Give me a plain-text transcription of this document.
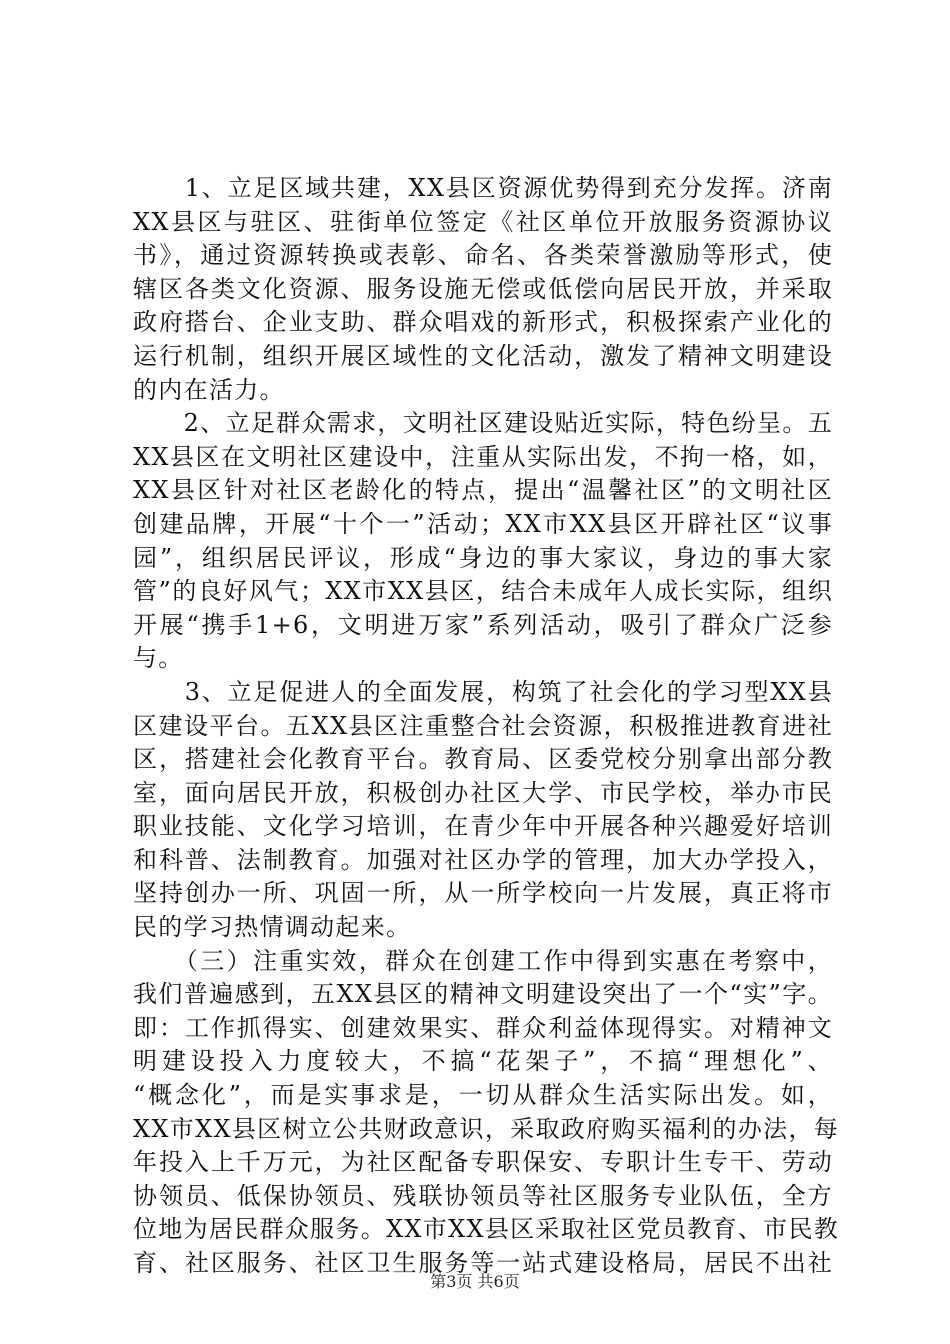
　　1、立足区域共建，XX县区资源优势得到充分发挥。济南
XX县区与驻区、驻街单位签定《社区单位开放服务资源协议
书》，通过资源转换或表彰、命名、各类荣誉激励等形式，使
辖区各类文化资源、服务设施无偿或低偿向居民开放，并采取
政府搭台、企业支助、群众唱戏的新形式，积极探索产业化的
运行机制，组织开展区域性的文化活动，激发了精神文明建设
的内在活力。
　　2、立足群众需求，文明社区建设贴近实际，特色纷呈。五
XX县区在文明社区建设中，注重从实际出发，不拘一格，如，
XX县区针对社区老龄化的特点，提出“温馨社区”的文明社区
创建品牌，开展“十个一”活动；XX市XX县区开辟社区“议事
园”，组织居民评议，形成“身边的事大家议，身边的事大家
管”的良好风气；XX市XX县区，结合未成年人成长实际，组织
开展“携手1+6，文明进万家”系列活动，吸引了群众广泛参
与。
　　3、立足促进人的全面发展，构筑了社会化的学习型XX县
区建设平台。五XX县区注重整合社会资源，积极推进教育进社
区，搭建社会化教育平台。教育局、区委党校分别拿出部分教
室，面向居民开放，积极创办社区大学、市民学校，举办市民
职业技能、文化学习培训，在青少年中开展各种兴趣爱好培训
和科普、法制教育。加强对社区办学的管理，加大办学投入，
坚持创办一所、巩固一所，从一所学校向一片发展，真正将市
民的学习热情调动起来。
　　（三）注重实效，群众在创建工作中得到实惠在考察中，
我们普遍感到，五XX县区的精神文明建设突出了一个“实”字。
即：工作抓得实、创建效果实、群众利益体现得实。对精神文
明建设投入力度较大，不搞“花架子”，不搞“理想化”、
“概念化”，而是实事求是，一切从群众生活实际出发。如，
XX市XX县区树立公共财政意识，采取政府购买福利的办法，每
年投入上千万元，为社区配备专职保安、专职计生专干、劳动
协领员、低保协领员、残联协领员等社区服务专业队伍，全方
位地为居民群众服务。XX市XX县区采取社区党员教育、市民教
育、社区服务、社区卫生服务等一站式建设格局，居民不出社
第3页 共6页
